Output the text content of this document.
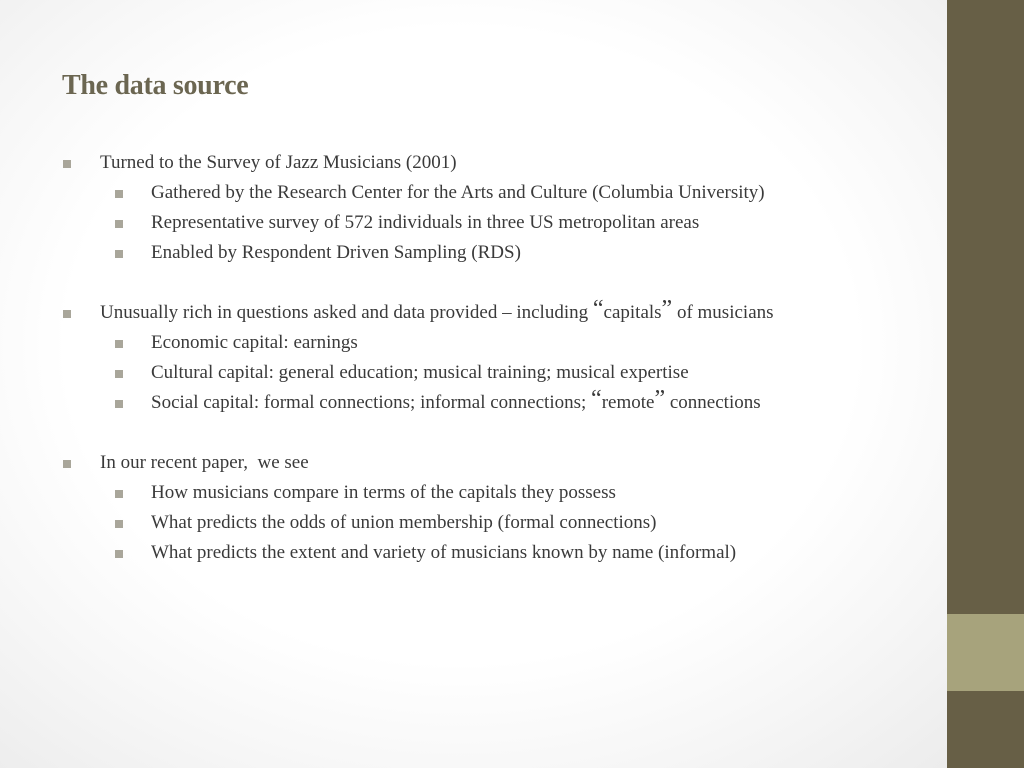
The data source
Turned to the Survey of Jazz Musicians (2001)
Gathered by the Research Center for the Arts and Culture (Columbia University)
Representative survey of 572 individuals in three US metropolitan areas
Enabled by Respondent Driven Sampling (RDS)
Unusually rich in questions asked and data provided – including “capitals” of musicians
Economic capital: earnings
Cultural capital: general education; musical training; musical expertise
Social capital: formal connections; informal connections; “remote” connections
In our recent paper,  we see
How musicians compare in terms of the capitals they possess
What predicts the odds of union membership (formal connections)
What predicts the extent and variety of musicians known by name (informal)
